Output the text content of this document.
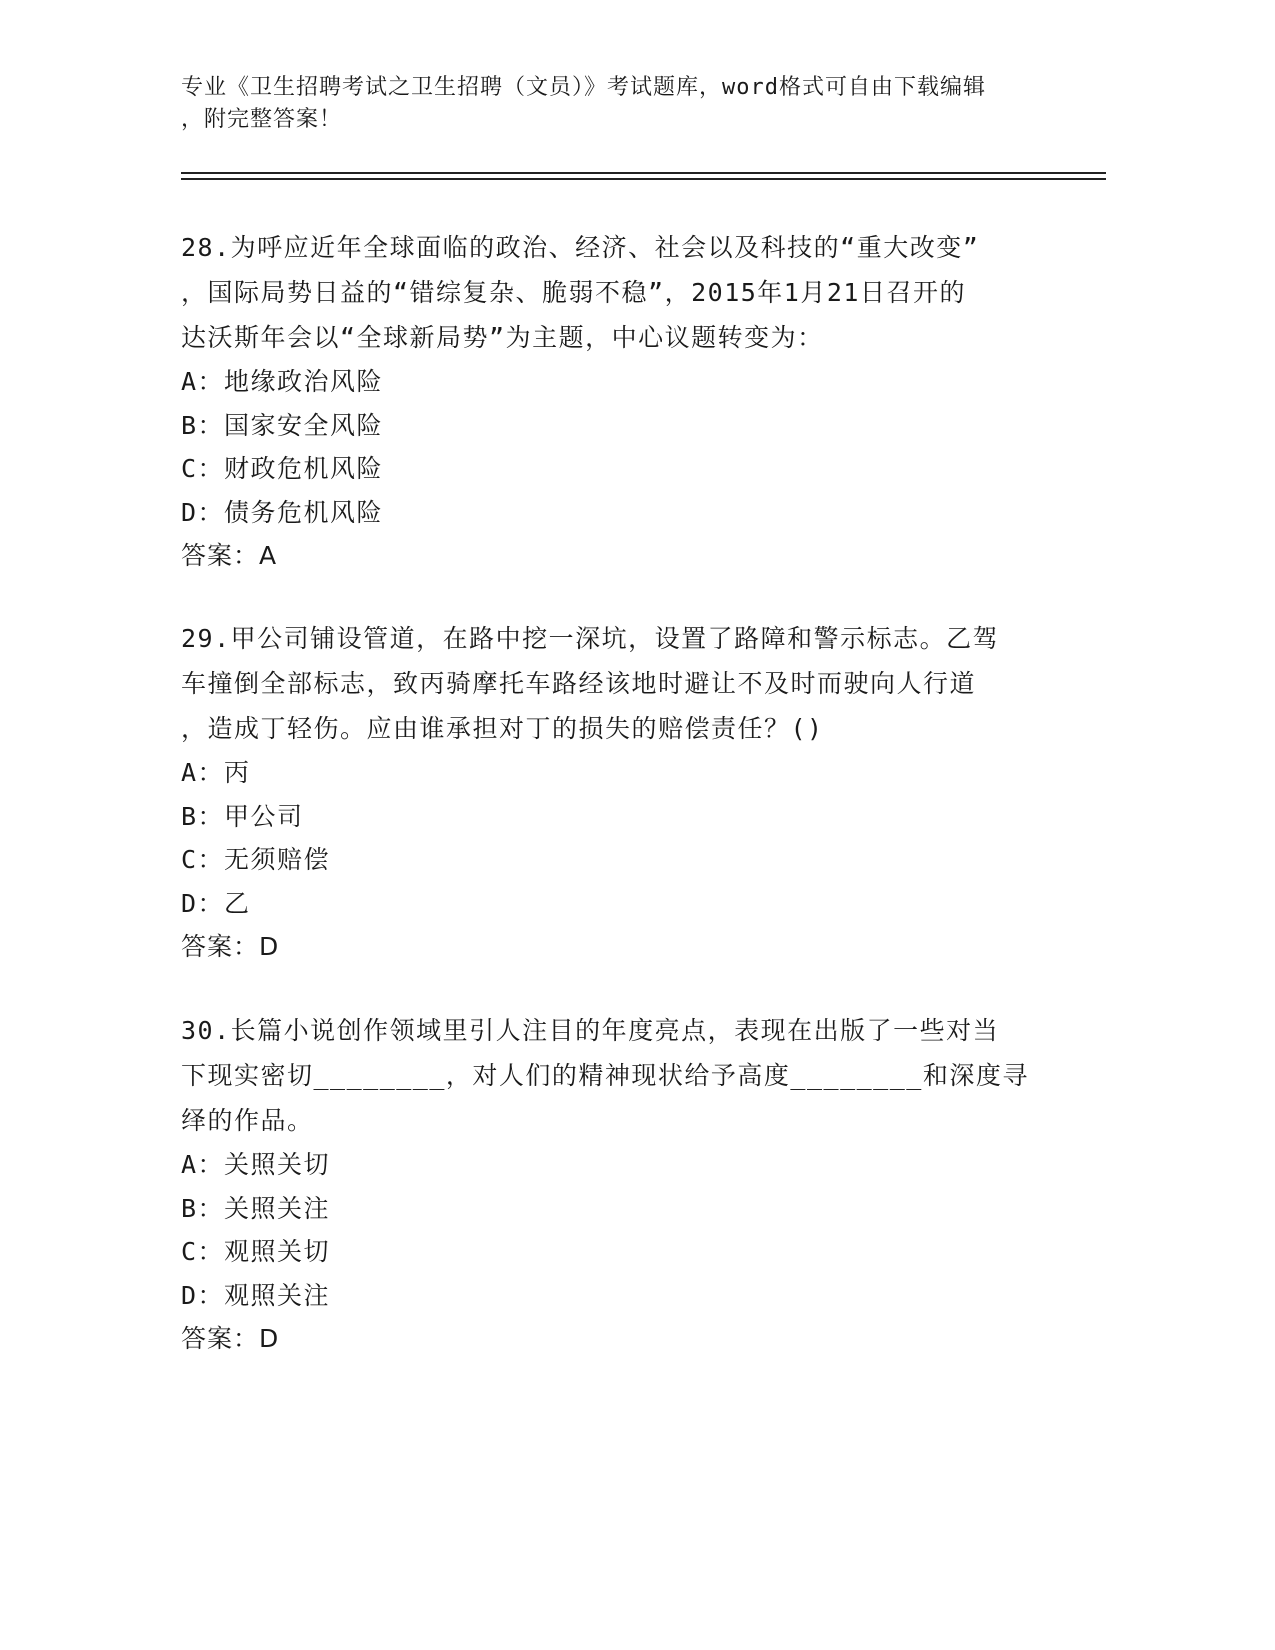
专业《卫生招聘考试之卫生招聘（文员）》考试题库，word格式可自由下载编辑
，附完整答案！
28.为呼应近年全球面临的政治、经济、社会以及科技的“重大改变”
，国际局势日益的“错综复杂、脆弱不稳”，2015年1月21日召开的
达沃斯年会以“全球新局势”为主题，中心议题转变为：
A：地缘政治风险
B：国家安全风险
C：财政危机风险
D：债务危机风险
答案：A
29.甲公司铺设管道，在路中挖一深坑，设置了路障和警示标志。乙驾
车撞倒全部标志，致丙骑摩托车路经该地时避让不及时而驶向人行道
，造成丁轻伤。应由谁承担对丁的损失的赔偿责任？()
A：丙
B：甲公司
C：无须赔偿
D：乙
答案：D
30.长篇小说创作领域里引人注目的年度亮点，表现在出版了一些对当
下现实密切________，对人们的精神现状给予高度________和深度寻
绎的作品。
A：关照关切
B：关照关注
C：观照关切
D：观照关注
答案：D
